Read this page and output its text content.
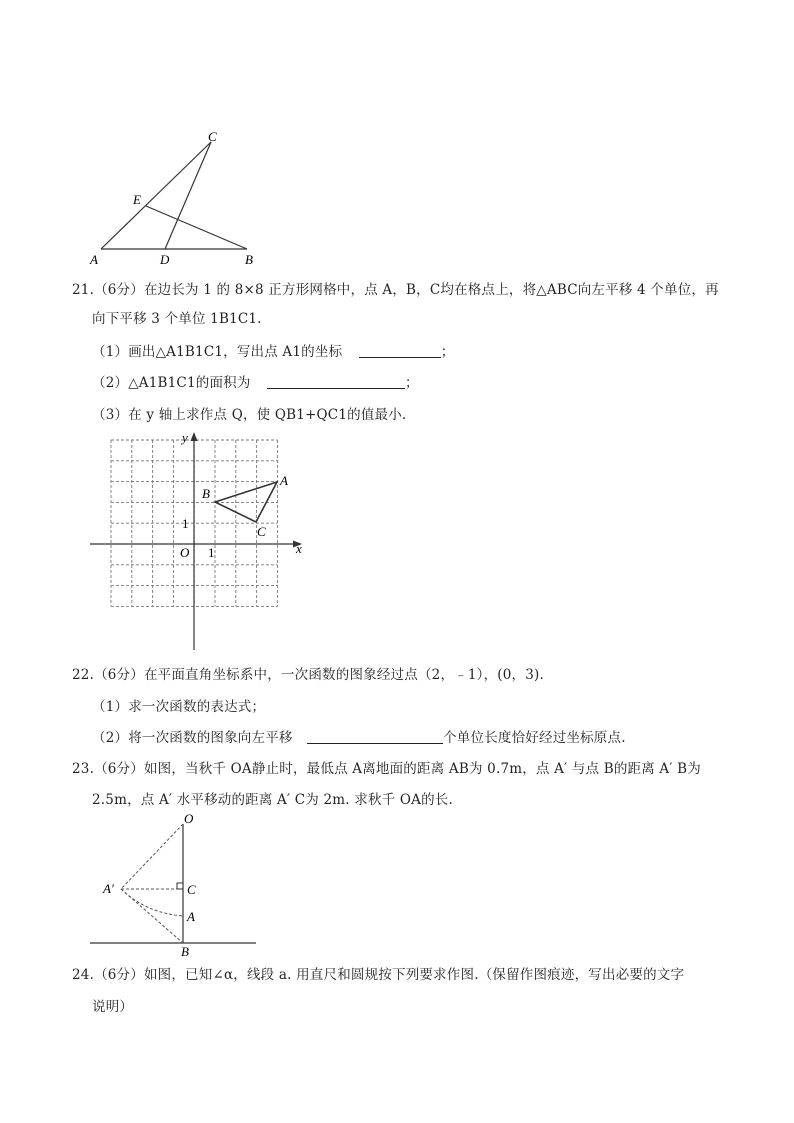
C
E
A	D	B
21.（6分）在边长为 1 的 8×8 正方形网格中，点 A，B，C均在格点上，将△ABC向左平移 4 个单位，再
向下平移 3 个单位 1B1C1.
（1）画出△A1B1C1，写出点 A1的坐标	；
（2）△A1B1C1的面积为	；
（3）在 y 轴上求作点 Q，使 QB1+QC1的值最小.
x
y
O 1
1
A
B
C
22.（6分）在平面直角坐标系中，一次函数的图象经过点（2，﹣1），(0，3).
（1）求一次函数的表达式；
（2）将一次函数的图象向左平移	个单位长度恰好经过坐标原点.
23.（6分）如图，当秋千 OA静止时，最低点 A离地面的距离 AB为 0.7m，点 A′ 与点 B的距离 A′ B为
2.5m，点 A′ 水平移动的距离 A′ C为 2m. 求秋千 OA的长.
O
A′	C
A
B
24.（6分）如图，已知∠α，线段 a. 用直尺和圆规按下列要求作图.（保留作图痕迹，写出必要的文字
说明）
